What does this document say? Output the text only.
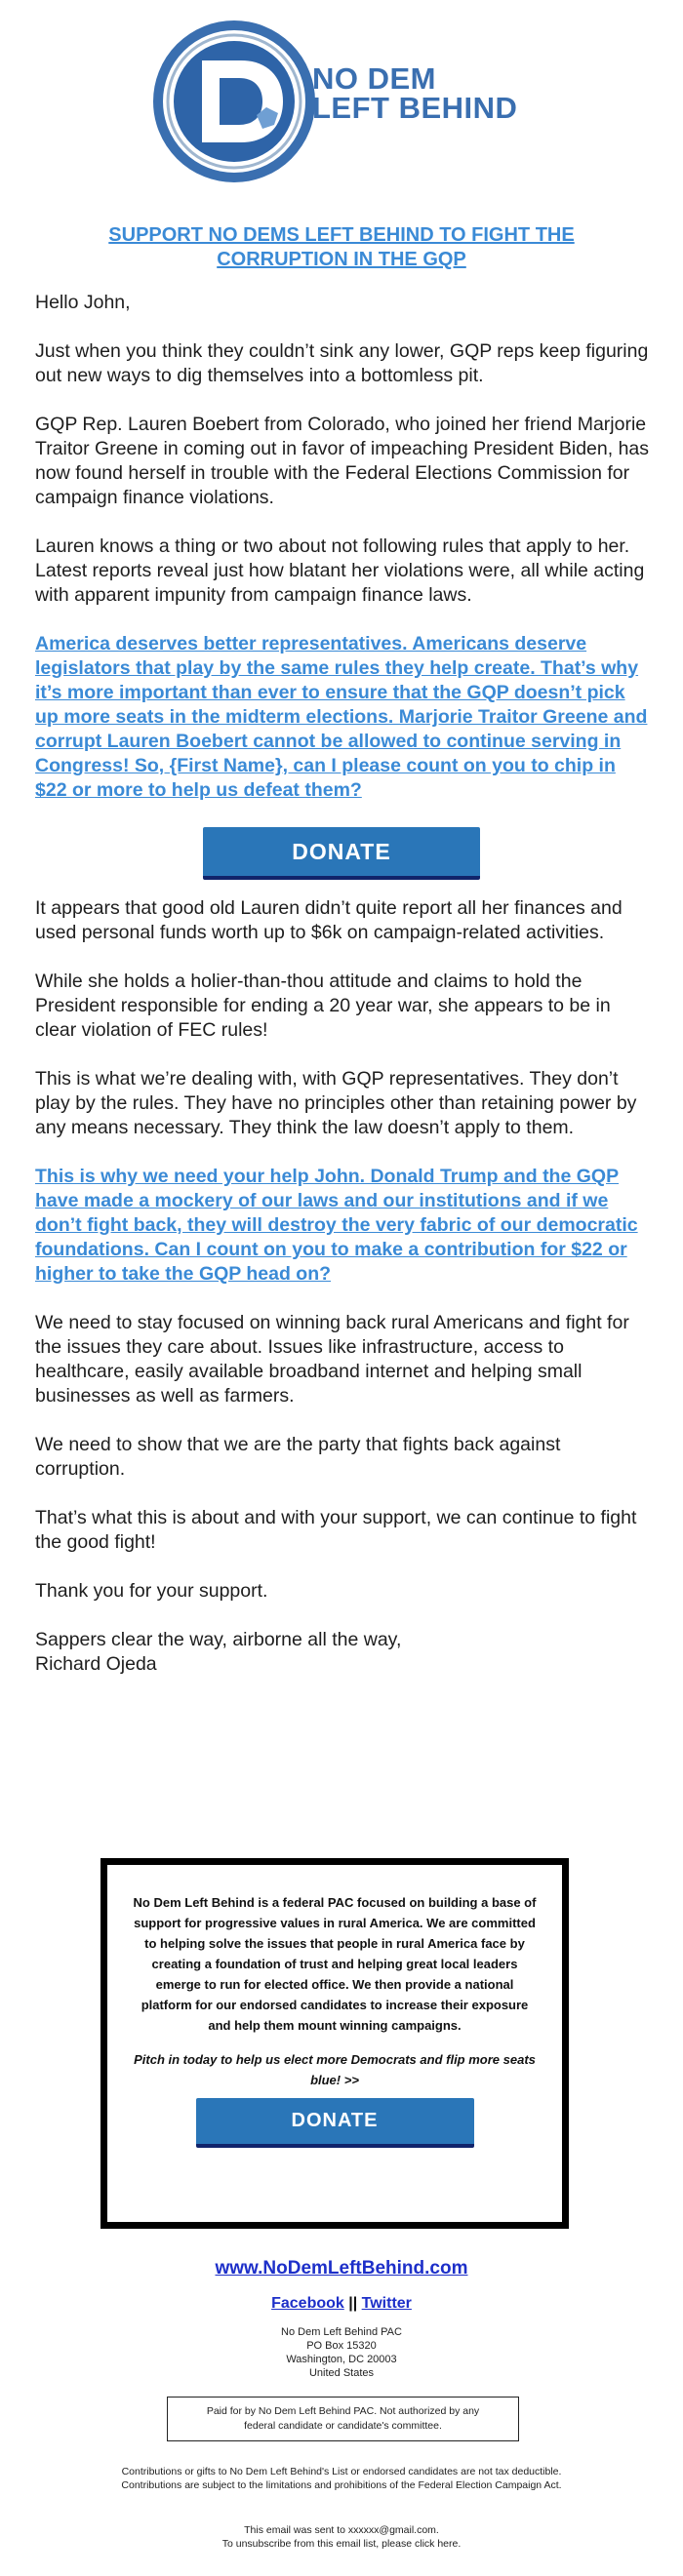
NO DEM
LEFT BEHIND
SUPPORT NO DEMS LEFT BEHIND TO FIGHT THE CORRUPTION IN THE GQP

Hello John,

Just when you think they couldn’t sink any lower, GQP reps keep figuring out new ways to dig themselves into a bottomless pit.

GQP Rep. Lauren Boebert from Colorado, who joined her friend Marjorie Traitor Greene in coming out in favor of impeaching President Biden, has now found herself in trouble with the Federal Elections Commission for campaign finance violations.

Lauren knows a thing or two about not following rules that apply to her. Latest reports reveal just how blatant her violations were, all while acting with apparent impunity from campaign finance laws.

America deserves better representatives. Americans deserve legislators that play by the same rules they help create. That’s why it’s more important than ever to ensure that the GQP doesn’t pick up more seats in the midterm elections. Marjorie Traitor Greene and corrupt Lauren Boebert cannot be allowed to continue serving in Congress! So, {First Name}, can I please count on you to chip in $22 or more to help us defeat them?

DONATE

It appears that good old Lauren didn’t quite report all her finances and used personal funds worth up to $6k on campaign-related activities.

While she holds a holier-than-thou attitude and claims to hold the President responsible for ending a 20 year war, she appears to be in clear violation of FEC rules!

This is what we’re dealing with, with GQP representatives. They don’t play by the rules. They have no principles other than retaining power by any means necessary. They think the law doesn’t apply to them.

This is why we need your help John. Donald Trump and the GQP have made a mockery of our laws and our institutions and if we don’t fight back, they will destroy the very fabric of our democratic foundations. Can I count on you to make a contribution for $22 or higher to take the GQP head on?

We need to stay focused on winning back rural Americans and fight for the issues they care about. Issues like infrastructure, access to healthcare, easily available broadband internet and helping small businesses as well as farmers.

We need to show that we are the party that fights back against corruption.

That’s what this is about and with your support, we can continue to fight the good fight!

Thank you for your support.

Sappers clear the way, airborne all the way,
Richard Ojeda

No Dem Left Behind is a federal PAC focused on building a base of support for progressive values in rural America. We are committed to helping solve the issues that people in rural America face by creating a foundation of trust and helping great local leaders emerge to run for elected office. We then provide a national platform for our endorsed candidates to increase their exposure and help them mount winning campaigns.

Pitch in today to help us elect more Democrats and flip more seats blue! >>

DONATE
www.NoDemLeftBehind.com
Facebook || Twitter
No Dem Left Behind PAC
PO Box 15320
Washington, DC 20003
United States
Paid for by No Dem Left Behind PAC. Not authorized by any
federal candidate or candidate's committee.
Contributions or gifts to No Dem Left Behind's List or endorsed candidates are not tax deductible.
Contributions are subject to the limitations and prohibitions of the Federal Election Campaign Act.
This email was sent to xxxxxx@gmail.com.
To unsubscribe from this email list, please click here.
